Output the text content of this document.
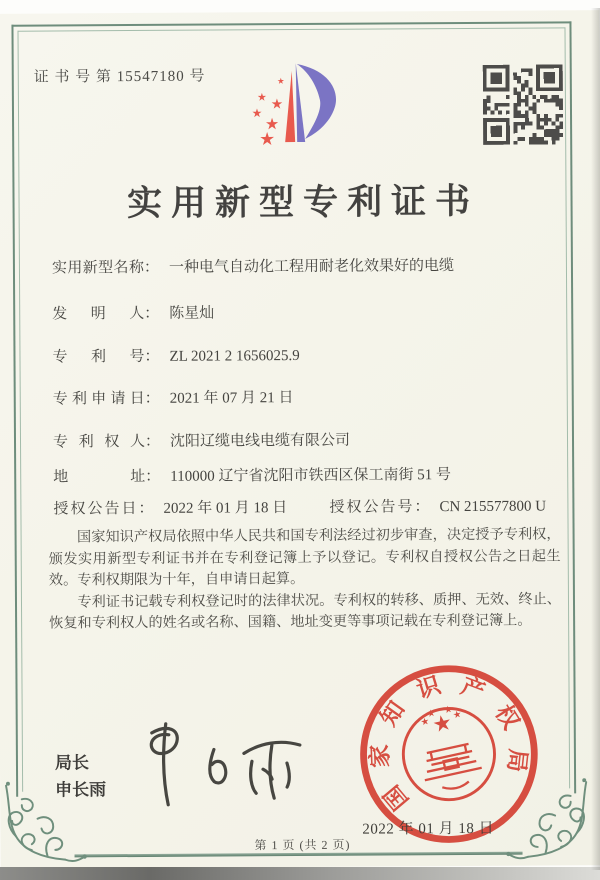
证 书 号 第 15547180 号
实用新型专利证书
实用新型名称： 一种电气自动化工程用耐老化效果好的电缆
发明人： 陈星灿
专利号： ZL 2021 2 1656025.9
专利申请日： 2021 年 07 月 21 日
专利权人： 沈阳辽缆电线电缆有限公司
地址： 110000 辽宁省沈阳市铁西区保工南街 51 号
授权公告日： 2022 年 01 月 18 日	授权公告号： CN 215577800 U

国家知识产权局依照中华人民共和国专利法经过初步审查，决定授予专利权，颁发实用新型专利证书并在专利登记簿上予以登记。专利权自授权公告之日起生效。专利权期限为十年，自申请日起算。

专利证书记载专利权登记时的法律状况。专利权的转移、质押、无效、终止、恢复和专利权人的姓名或名称、国籍、地址变更等事项记载在专利登记簿上。

局长
申长雨	国家知识产权局
2022 年 01 月 18 日
第 1 页 (共 2 页)
